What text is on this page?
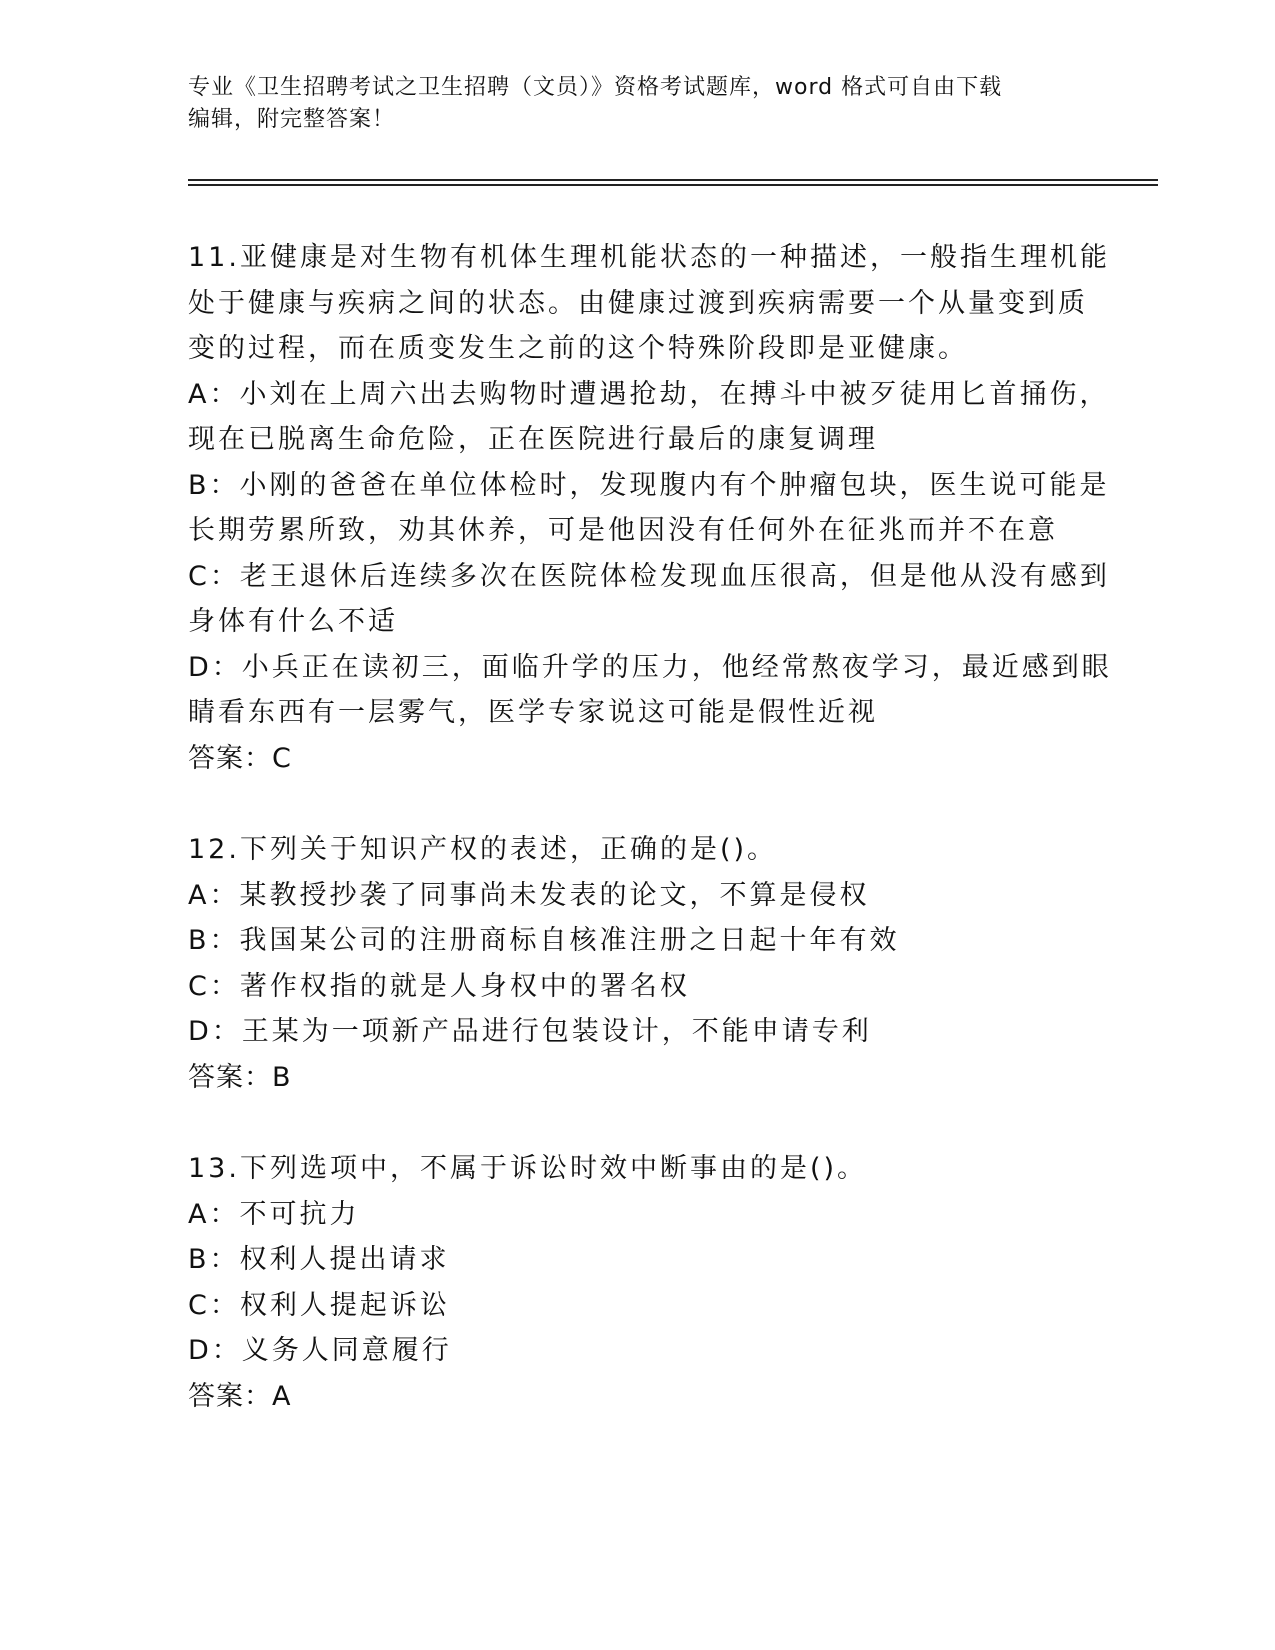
专业《卫生招聘考试之卫生招聘（文员）》资格考试题库，word 格式可自由下载
编辑，附完整答案！
11.亚健康是对生物有机体生理机能状态的一种描述，一般指生理机能
处于健康与疾病之间的状态。由健康过渡到疾病需要一个从量变到质
变的过程，而在质变发生之前的这个特殊阶段即是亚健康。
A：小刘在上周六出去购物时遭遇抢劫，在搏斗中被歹徒用匕首捅伤，
现在已脱离生命危险，正在医院进行最后的康复调理
B：小刚的爸爸在单位体检时，发现腹内有个肿瘤包块，医生说可能是
长期劳累所致，劝其休养，可是他因没有任何外在征兆而并不在意
C：老王退休后连续多次在医院体检发现血压很高，但是他从没有感到
身体有什么不适
D：小兵正在读初三，面临升学的压力，他经常熬夜学习，最近感到眼
睛看东西有一层雾气，医学专家说这可能是假性近视
答案：C
12.下列关于知识产权的表述，正确的是()。
A：某教授抄袭了同事尚未发表的论文，不算是侵权
B：我国某公司的注册商标自核准注册之日起十年有效
C：著作权指的就是人身权中的署名权
D：王某为一项新产品进行包装设计，不能申请专利
答案：B
13.下列选项中，不属于诉讼时效中断事由的是()。
A：不可抗力
B：权利人提出请求
C：权利人提起诉讼
D：义务人同意履行
答案：A
